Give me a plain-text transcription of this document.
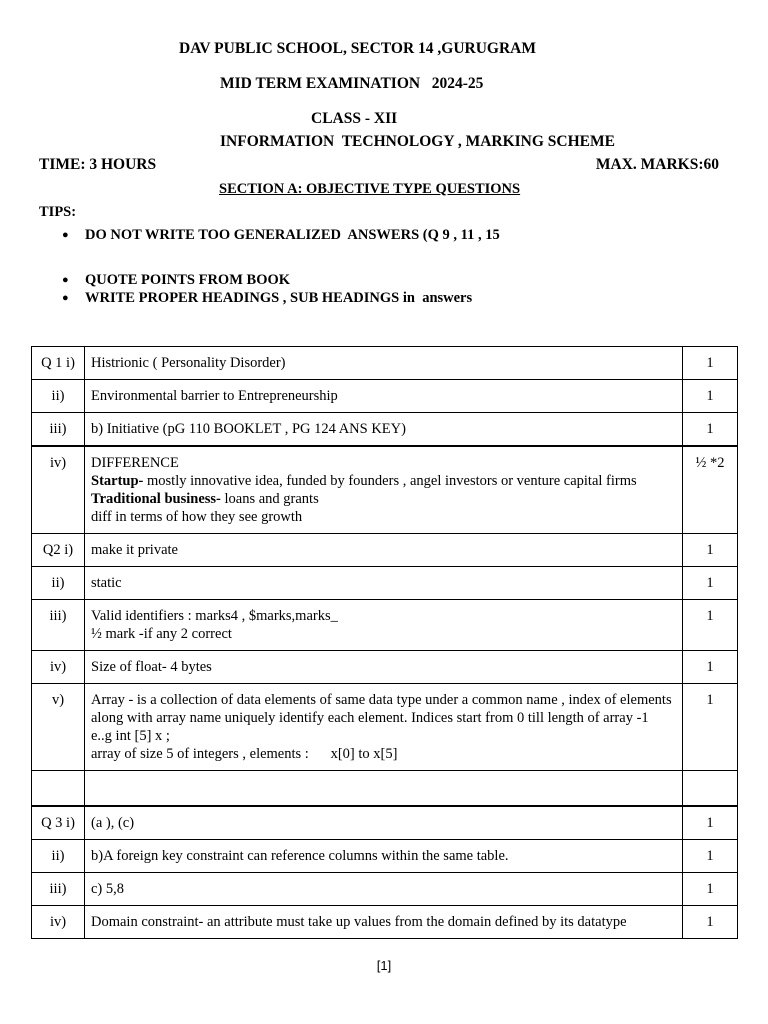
DAV PUBLIC SCHOOL, SECTOR 14 ,GURUGRAM
MID TERM EXAMINATION   2024-25
CLASS - XII
INFORMATION  TECHNOLOGY , MARKING SCHEME
TIME: 3 HOURS	MAX. MARKS:60
SECTION A: OBJECTIVE TYPE QUESTIONS
TIPS:
● DO NOT WRITE TOO GENERALIZED  ANSWERS (Q 9 , 11 , 15
● QUOTE POINTS FROM BOOK
● WRITE PROPER HEADINGS , SUB HEADINGS in  answers
Q 1 i)	Histrionic ( Personality Disorder)	1
ii)	Environmental barrier to Entrepreneurship	1
iii)	b) Initiative (pG 110 BOOKLET , PG 124 ANS KEY)	1
iv)	DIFFERENCE
Startup- mostly innovative idea, funded by founders , angel investors or venture capital firms
Traditional business- loans and grants
diff in terms of how they see growth	½ *2
Q2 i)	make it private	1
ii)	static	1
iii)	Valid identifiers : marks4 , $marks,marks_
½ mark -if any 2 correct	1
iv)	Size of float- 4 bytes	1
v)	Array - is a collection of data elements of same data type under a common name , index of elements along with array name uniquely identify each element. Indices start from 0 till length of array -1
e..g int [5] x ;
array of size 5 of integers , elements :      x[0] to x[5]	1

Q 3 i)	(a ), (c)	1
ii)	b)A foreign key constraint can reference columns within the same table.	1
iii)	c) 5,8	1
iv)	Domain constraint- an attribute must take up values from the domain defined by its datatype	1
[1]
